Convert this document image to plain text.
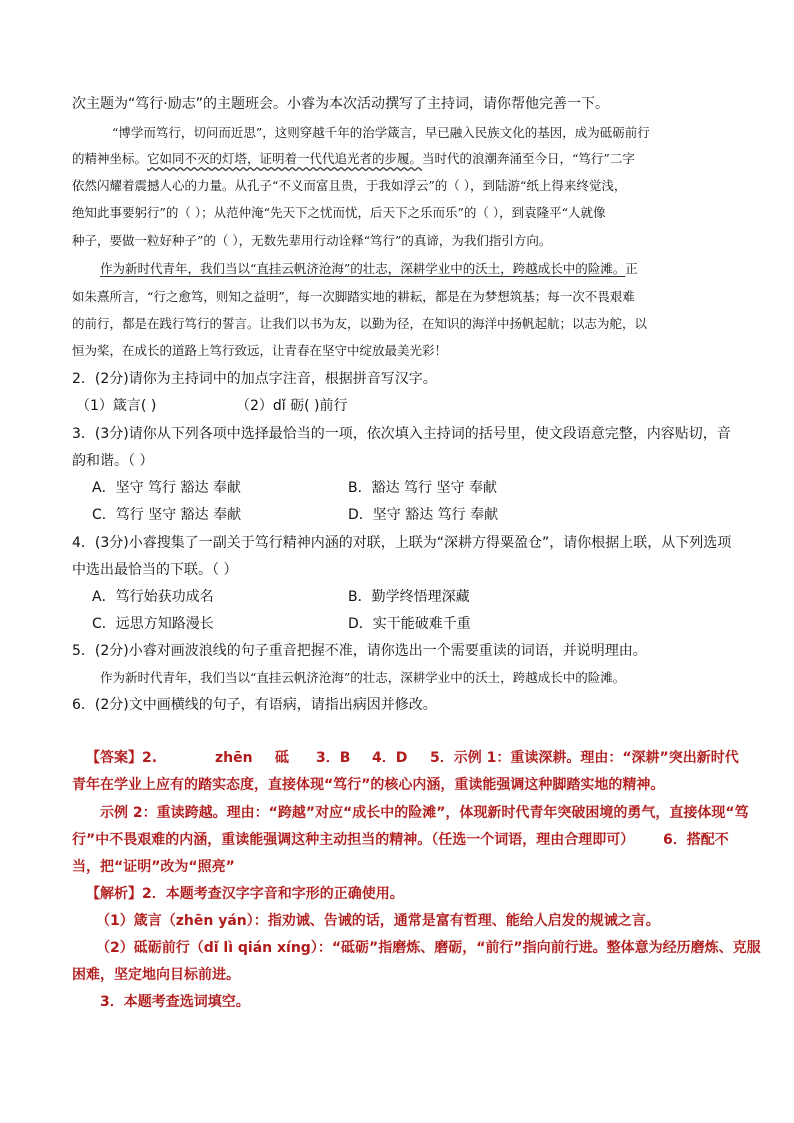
次主题为“笃行·励志”的主题班会。小睿为本次活动撰写了主持词，请你帮他完善一下。
“博学而笃行，切问而近思”，这则穿越千年的治学箴言，早已融入民族文化的基因，成为砥砺前行
的精神坐标。它如同不灭的灯塔，证明着一代代追光者的步履。当时代的浪潮奔涌至今日，“笃行”二字
依然闪耀着震撼人心的力量。从孔子“不义而富且贵，于我如浮云”的（ ），到陆游“纸上得来终觉浅，
绝知此事要躬行”的（ ）；从范仲淹“先天下之忧而忧，后天下之乐而乐”的（ ），到袁隆平“人就像
种子，要做一粒好种子”的（ ），无数先辈用行动诠释“笃行”的真谛，为我们指引方向。
作为新时代青年，我们当以“直挂云帆济沧海”的壮志，深耕学业中的沃土，跨越成长中的险滩。正
如朱熹所言，“行之愈笃，则知之益明”，每一次脚踏实地的耕耘，都是在为梦想筑基；每一次不畏艰难
的前行，都是在践行笃行的誓言。让我们以书为友，以勤为径，在知识的海洋中扬帆起航；以志为舵，以
恒为桨，在成长的道路上笃行致远，让青春在坚守中绽放最美光彩！
2．(2分)请你为主持词中的加点字注音，根据拼音写汉字。
（1）箴言( )	（2）dǐ 砺( )前行
3．(3分)请你从下列各项中选择最恰当的一项，依次填入主持词的括号里，使文段语意完整，内容贴切，音
韵和谐。（ ）
A．坚守 笃行 豁达 奉献	B．豁达 笃行 坚守 奉献
C．笃行 坚守 豁达 奉献	D．坚守 豁达 笃行 奉献
4．(3分)小睿搜集了一副关于笃行精神内涵的对联，上联为“深耕方得粟盈仓”，请你根据上联，从下列选项
中选出最恰当的下联。（ ）
A．笃行始获功成名	B．勤学终悟理深藏
C．远思方知路漫长	D．实干能破难千重
5．(2分)小睿对画波浪线的句子重音把握不准，请你选出一个需要重读的词语，并说明理由。
作为新时代青年，我们当以“直挂云帆济沧海”的壮志，深耕学业中的沃土，跨越成长中的险滩。
6．(2分)文中画横线的句子，有语病，请指出病因并修改。
【答案】2.	zhēn 砥 3．B 4．D 5．示例 1：重读深耕。理由：“深耕”突出新时代
青年在学业上应有的踏实态度，直接体现“笃行”的核心内涵，重读能强调这种脚踏实地的精神。
示例 2：重读跨越。理由：“跨越”对应“成长中的险滩”，体现新时代青年突破困境的勇气，直接体现“笃
行”中不畏艰难的内涵，重读能强调这种主动担当的精神。（任选一个词语，理由合理即可） 6．搭配不
当，把“证明”改为“照亮”
【解析】2．本题考查汉字字音和字形的正确使用。
（1）箴言（zhēn yán）：指劝诫、告诫的话，通常是富有哲理、能给人启发的规诫之言。
（2）砥砺前行（dǐ lì qián xíng）：“砥砺”指磨炼、磨砺，“前行”指向前行进。整体意为经历磨炼、克服
困难，坚定地向目标前进。
3．本题考查选词填空。
